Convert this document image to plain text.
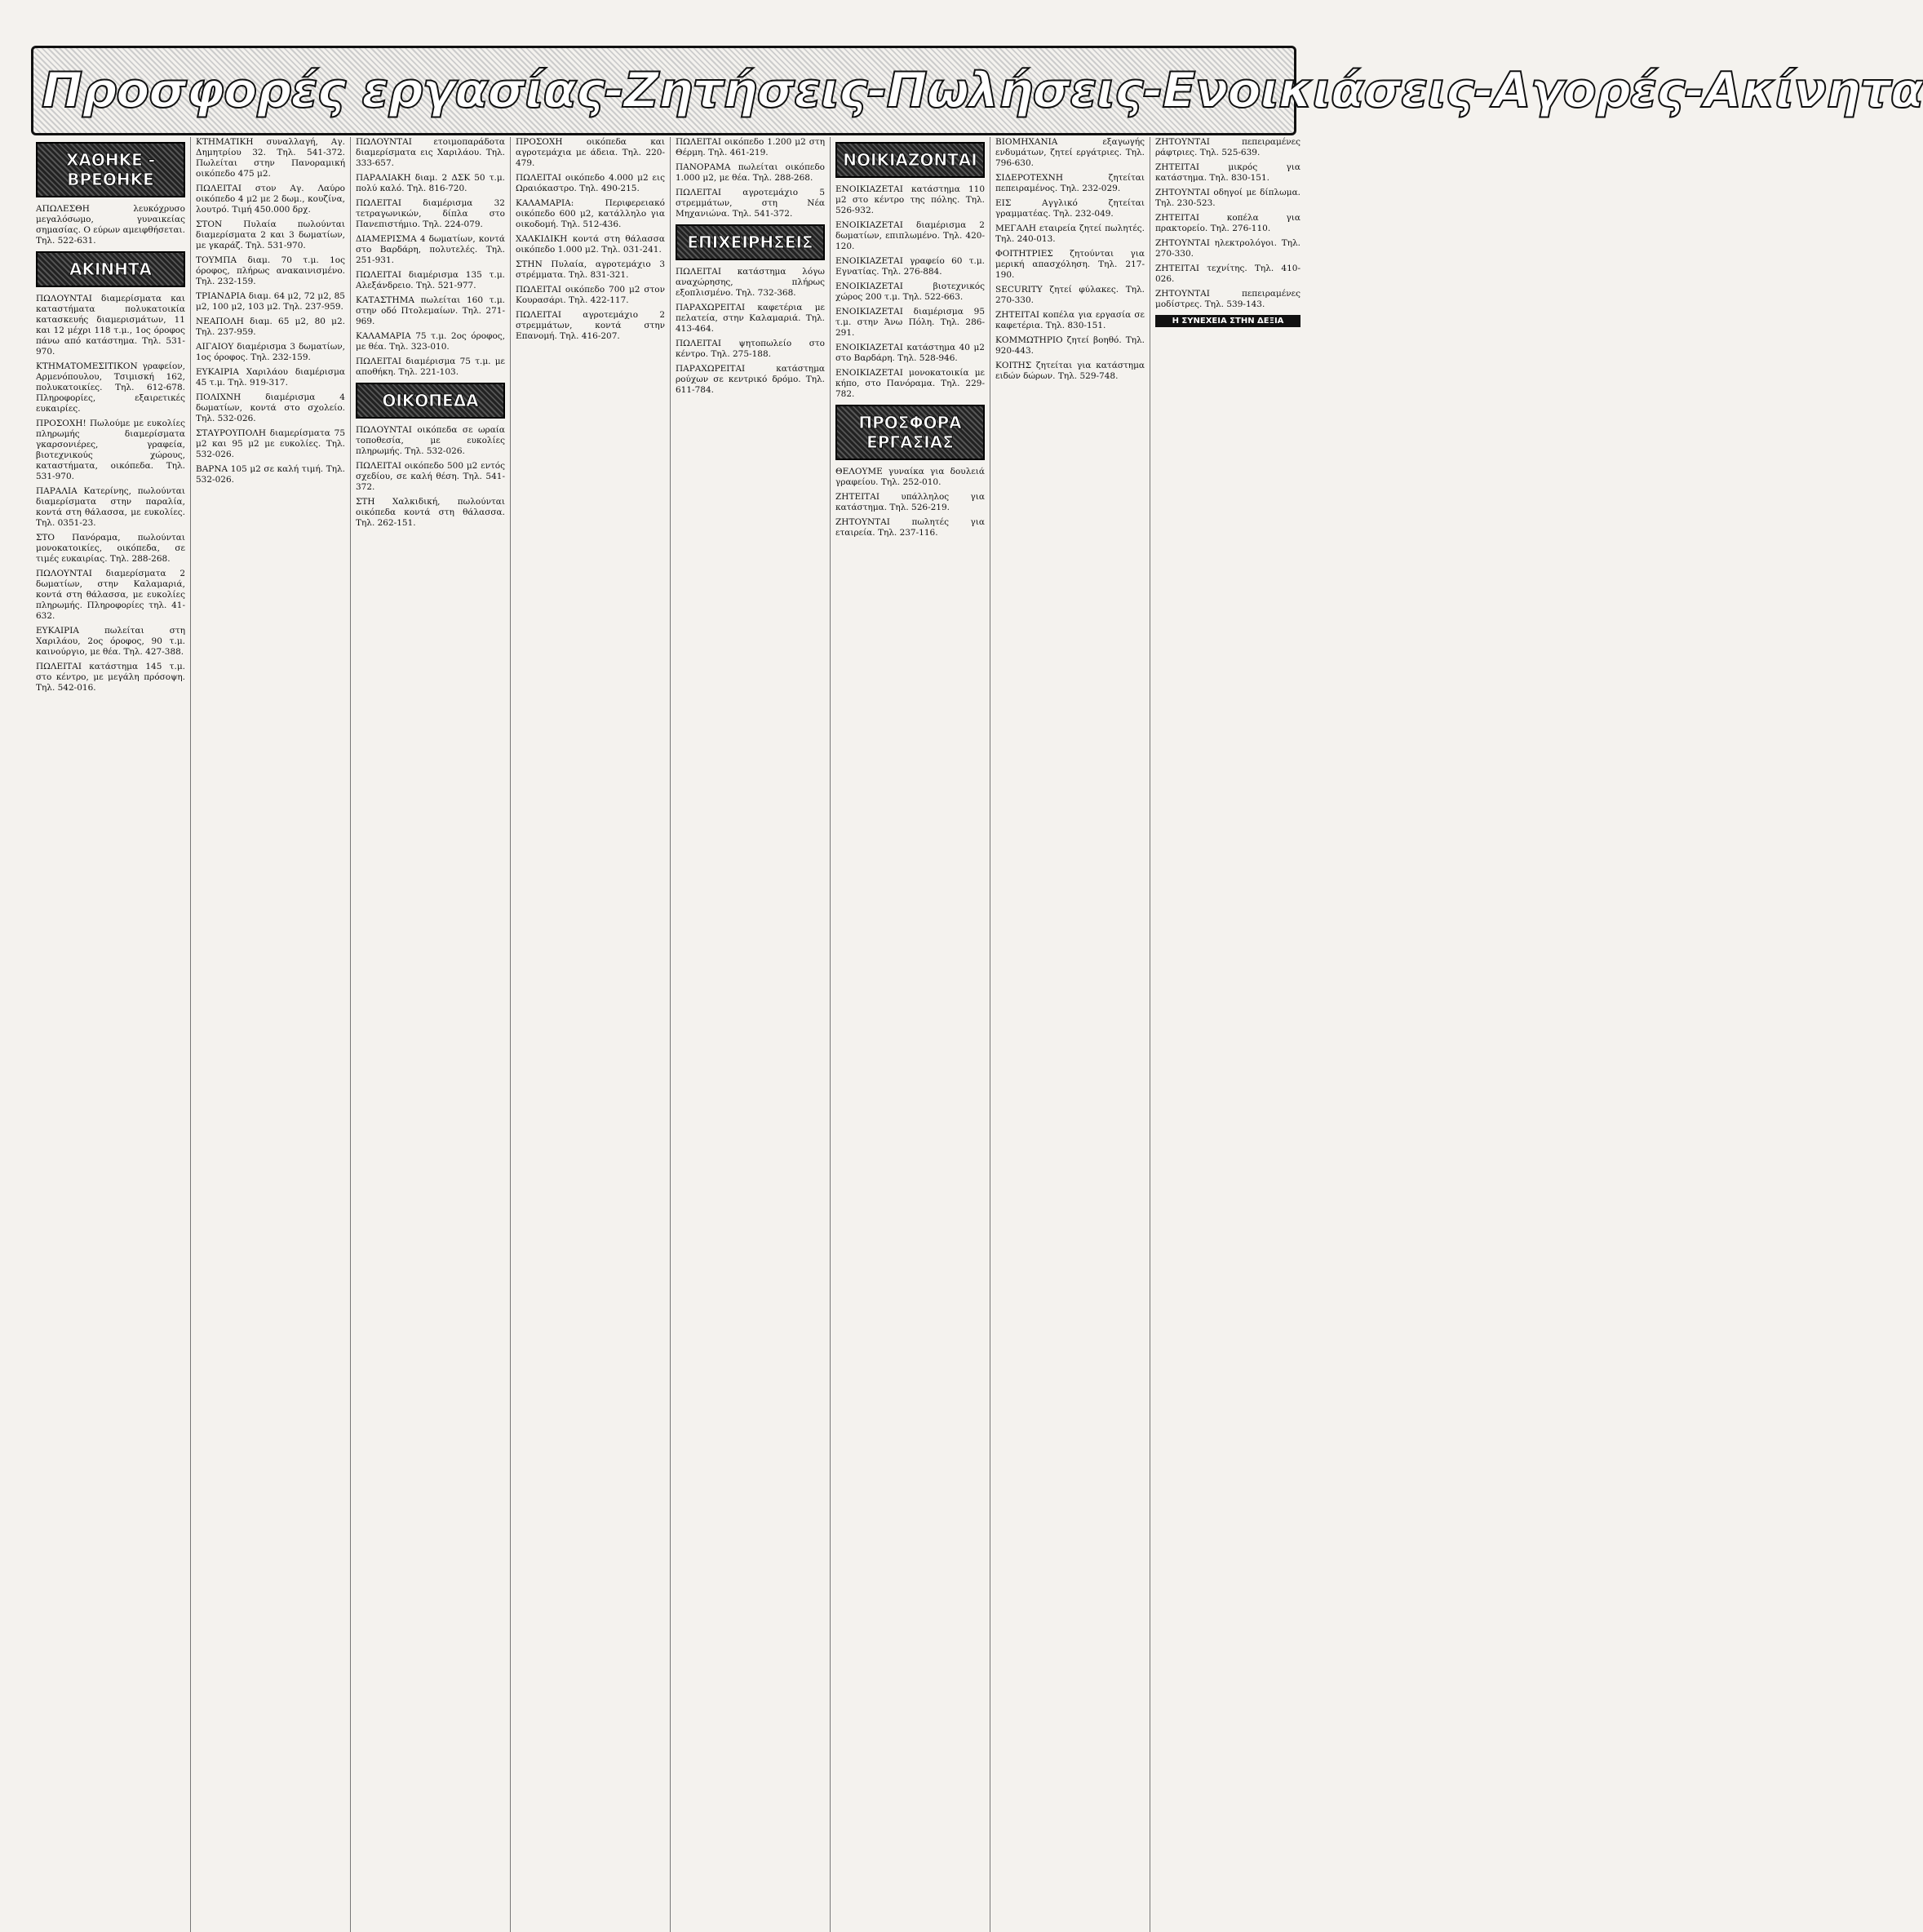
Προσφορές εργασίας-Ζητήσεις-Πωλήσεις-Ενοικιάσεις-Αγορές-Ακίνητα
ΧΑΘΗΚΕ - ΒΡΕΘΗΚΕ

ΑΠΩΛΕΣΘΗ λευκόχρυσο μεγαλόσωμο, γυναικείας σημασίας. Ο εύρων αμειφθήσεται. Τηλ. 522-631.

ΑΚΙΝΗΤΑ

ΠΩΛΟΥΝΤΑΙ διαμερίσματα και καταστήματα πολυκατοικία κατασκευής διαμερισμάτων, 11 και 12 μέχρι 118 τ.μ., 1ος όροφος πάνω από κατάστημα. Τηλ. 531-970.

ΚΤΗΜΑΤΟΜΕΣΙΤΙΚΟΝ γραφείον, Αρμενόπουλου, Τσιμισκή 162, πολυκατοικίες. Τηλ. 612-678. Πληροφορίες, εξαιρετικές ευκαιρίες.

ΠΡΟΣΟΧΗ! Πωλούμε με ευκολίες πληρωμής διαμερίσματα γκαρσονιέρες, γραφεία, βιοτεχνικούς χώρους, καταστήματα, οικόπεδα. Τηλ. 531-970.

ΠΑΡΑΛΙΑ Κατερίνης, πωλούνται διαμερίσματα στην παραλία, κοντά στη θάλασσα, με ευκολίες. Τηλ. 0351-23.

ΣΤΟ Πανόραμα, πωλούνται μονοκατοικίες, οικόπεδα, σε τιμές ευκαιρίας. Τηλ. 288-268.

ΠΩΛΟΥΝΤΑΙ διαμερίσματα 2 δωματίων, στην Καλαμαριά, κοντά στη θάλασσα, με ευκολίες πληρωμής. Πληροφορίες τηλ. 41-632.

ΕΥΚΑΙΡΙΑ πωλείται στη Χαριλάου, 2ος όροφος, 90 τ.μ. καινούργιο, με θέα. Τηλ. 427-388.

ΠΩΛΕΙΤΑΙ κατάστημα 145 τ.μ. στο κέντρο, με μεγάλη πρόσοψη. Τηλ. 542-016.

ΚΤΗΜΑΤΙΚΗ συναλλαγή, Αγ. Δημητρίου 32. Τηλ. 541-372. Πωλείται στην Πανοραμική οικόπεδο 475 μ2.

ΠΩΛΕΙΤΑΙ στον Αγ. Λαύρο οικόπεδο 4 μ2 με 2 δωμ., κουζίνα, λουτρό. Τιμή 450.000 δρχ.

ΣΤΟΝ Πυλαία πωλούνται διαμερίσματα 2 και 3 δωματίων, με γκαράζ. Τηλ. 531-970.

ΤΟΥΜΠΑ διαμ. 70 τ.μ. 1ος όροφος, πλήρως ανακαινισμένο. Τηλ. 232-159.

ΤΡΙΑΝΔΡΙΑ διαμ. 64 μ2, 72 μ2, 85 μ2, 100 μ2, 103 μ2. Τηλ. 237-959.

ΝΕΑΠΟΛΗ διαμ. 65 μ2, 80 μ2. Τηλ. 237-959.

ΑΙΓΑΙΟΥ διαμέρισμα 3 δωματίων, 1ος όροφος. Τηλ. 232-159.

ΕΥΚΑΙΡΙΑ Χαριλάου διαμέρισμα 45 τ.μ. Τηλ. 919-317.

ΠΟΛΙΧΝΗ διαμέρισμα 4 δωματίων, κοντά στο σχολείο. Τηλ. 532-026.

ΣΤΑΥΡΟΥΠΟΛΗ διαμερίσματα 75 μ2 και 95 μ2 με ευκολίες. Τηλ. 532-026.

ΒΑΡΝΑ 105 μ2 σε καλή τιμή. Τηλ. 532-026.

ΠΩΛΟΥΝΤΑΙ ετοιμοπαράδοτα διαμερίσματα εις Χαριλάου. Τηλ. 333-657.

ΠΑΡΑΛΙΑΚΗ διαμ. 2 ΔΣΚ 50 τ.μ. πολύ καλό. Τηλ. 816-720.

ΠΩΛΕΙΤΑΙ διαμέρισμα 32 τετραγωνικών, δίπλα στο Πανεπιστήμιο. Τηλ. 224-079.

ΔΙΑΜΕΡΙΣΜΑ 4 δωματίων, κοντά στο Βαρδάρη, πολυτελές. Τηλ. 251-931.

ΠΩΛΕΙΤΑΙ διαμέρισμα 135 τ.μ. Αλεξάνδρειο. Τηλ. 521-977.

ΚΑΤΑΣΤΗΜΑ πωλείται 160 τ.μ. στην οδό Πτολεμαίων. Τηλ. 271-969.

ΚΑΛΑΜΑΡΙΑ 75 τ.μ. 2ος όροφος, με θέα. Τηλ. 323-010.

ΠΩΛΕΙΤΑΙ διαμέρισμα 75 τ.μ. με αποθήκη. Τηλ. 221-103.

ΟΙΚΟΠΕΔΑ

ΠΩΛΟΥΝΤΑΙ οικόπεδα σε ωραία τοποθεσία, με ευκολίες πληρωμής. Τηλ. 532-026.

ΠΩΛΕΙΤΑΙ οικόπεδο 500 μ2 εντός σχεδίου, σε καλή θέση. Τηλ. 541-372.

ΣΤΗ Χαλκιδική, πωλούνται οικόπεδα κοντά στη θάλασσα. Τηλ. 262-151.

ΠΡΟΣΟΧΗ οικόπεδα και αγροτεμάχια με άδεια. Τηλ. 220-479.

ΠΩΛΕΙΤΑΙ οικόπεδο 4.000 μ2 εις Ωραιόκαστρο. Τηλ. 490-215.

ΚΑΛΑΜΑΡΙΑ: Περιφερειακό οικόπεδο 600 μ2, κατάλληλο για οικοδομή. Τηλ. 512-436.

ΧΑΛΚΙΔΙΚΗ κοντά στη θάλασσα οικόπεδο 1.000 μ2. Τηλ. 031-241.

ΣΤΗΝ Πυλαία, αγροτεμάχιο 3 στρέμματα. Τηλ. 831-321.

ΠΩΛΕΙΤΑΙ οικόπεδο 700 μ2 στον Κουρασάρι. Τηλ. 422-117.

ΠΩΛΕΙΤΑΙ αγροτεμάχιο 2 στρεμμάτων, κοντά στην Επανομή. Τηλ. 416-207.

ΠΩΛΕΙΤΑΙ οικόπεδο 1.200 μ2 στη Θέρμη. Τηλ. 461-219.

ΠΑΝΟΡΑΜΑ πωλείται οικόπεδο 1.000 μ2, με θέα. Τηλ. 288-268.

ΠΩΛΕΙΤΑΙ αγροτεμάχιο 5 στρεμμάτων, στη Νέα Μηχανιώνα. Τηλ. 541-372.

ΕΠΙΧΕΙΡΗΣΕΙΣ

ΠΩΛΕΙΤΑΙ κατάστημα λόγω αναχώρησης, πλήρως εξοπλισμένο. Τηλ. 732-368.

ΠΑΡΑΧΩΡΕΙΤΑΙ καφετέρια με πελατεία, στην Καλαμαριά. Τηλ. 413-464.

ΠΩΛΕΙΤΑΙ ψητοπωλείο στο κέντρο. Τηλ. 275-188.

ΠΑΡΑΧΩΡΕΙΤΑΙ κατάστημα ρούχων σε κεντρικό δρόμο. Τηλ. 611-784.

ΝΟΙΚΙΑΖΟΝΤΑΙ

ΕΝΟΙΚΙΑΖΕΤΑΙ κατάστημα 110 μ2 στο κέντρο της πόλης. Τηλ. 526-932.

ΕΝΟΙΚΙΑΖΕΤΑΙ διαμέρισμα 2 δωματίων, επιπλωμένο. Τηλ. 420-120.

ΕΝΟΙΚΙΑΖΕΤΑΙ γραφείο 60 τ.μ. Εγνατίας. Τηλ. 276-884.

ΕΝΟΙΚΙΑΖΕΤΑΙ βιοτεχνικός χώρος 200 τ.μ. Τηλ. 522-663.

ΕΝΟΙΚΙΑΖΕΤΑΙ διαμέρισμα 95 τ.μ. στην Άνω Πόλη. Τηλ. 286-291.

ΕΝΟΙΚΙΑΖΕΤΑΙ κατάστημα 40 μ2 στο Βαρδάρη. Τηλ. 528-946.

ΕΝΟΙΚΙΑΖΕΤΑΙ μονοκατοικία με κήπο, στο Πανόραμα. Τηλ. 229-782.

ΠΡΟΣΦΟΡΑ ΕΡΓΑΣΙΑΣ

ΘΕΛΟΥΜΕ γυναίκα για δουλειά γραφείου. Τηλ. 252-010.

ΖΗΤΕΙΤΑΙ υπάλληλος για κατάστημα. Τηλ. 526-219.

ΖΗΤΟΥΝΤΑΙ πωλητές για εταιρεία. Τηλ. 237-116.

ΒΙΟΜΗΧΑΝΙΑ εξαγωγής ενδυμάτων, ζητεί εργάτριες. Τηλ. 796-630.

ΣΙΔΕΡΟΤΕΧΝΗ ζητείται πεπειραμένος. Τηλ. 232-029.

ΕΙΣ Αγγλικό ζητείται γραμματέας. Τηλ. 232-049.

ΜΕΓΑΛΗ εταιρεία ζητεί πωλητές. Τηλ. 240-013.

ΦΟΙΤΗΤΡΙΕΣ ζητούνται για μερική απασχόληση. Τηλ. 217-190.

SECURITY ζητεί φύλακες. Τηλ. 270-330.

ΖΗΤΕΙΤΑΙ κοπέλα για εργασία σε καφετέρια. Τηλ. 830-151.

ΚΟΜΜΩΤΗΡΙΟ ζητεί βοηθό. Τηλ. 920-443.

ΚΟΙΤΗΣ ζητείται για κατάστημα ειδών δώρων. Τηλ. 529-748.

ΖΗΤΟΥΝΤΑΙ πεπειραμένες ράφτριες. Τηλ. 525-639.

ΖΗΤΕΙΤΑΙ μικρός για κατάστημα. Τηλ. 830-151.

ΖΗΤΟΥΝΤΑΙ οδηγοί με δίπλωμα. Τηλ. 230-523.

ΖΗΤΕΙΤΑΙ κοπέλα για πρακτορείο. Τηλ. 276-110.

ΖΗΤΟΥΝΤΑΙ ηλεκτρολόγοι. Τηλ. 270-330.

ΖΗΤΕΙΤΑΙ τεχνίτης. Τηλ. 410-026.

ΖΗΤΟΥΝΤΑΙ πεπειραμένες μοδίστρες. Τηλ. 539-143.

Η ΣΥΝΕΧΕΙΑ ΣΤΗΝ ΔΕΞΙΑ
